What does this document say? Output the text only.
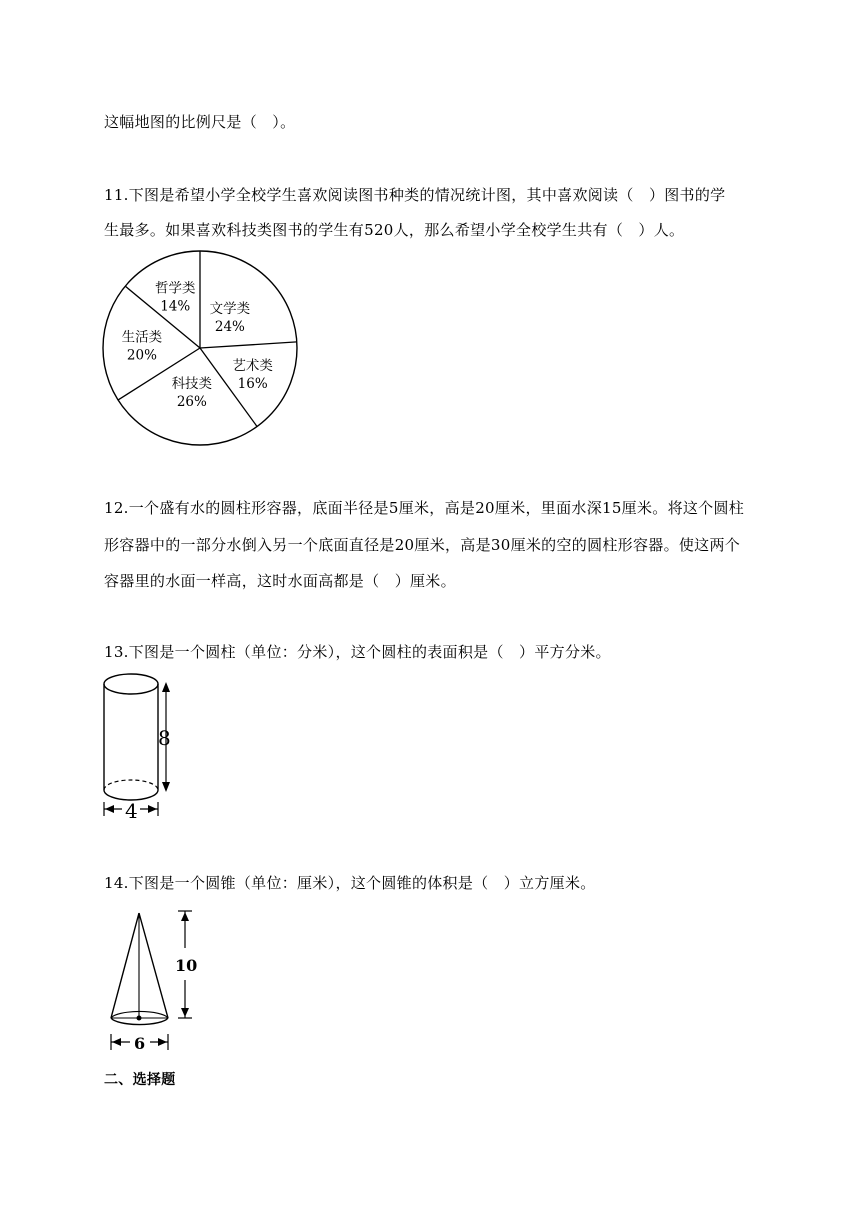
这幅地图的比例尺是（　）。
11.下图是希望小学全校学生喜欢阅读图书种类的情况统计图，其中喜欢阅读（　）图书的学
生最多。如果喜欢科技类图书的学生有520人，那么希望小学全校学生共有（　）人。
文学类
24%
艺术类
16%
科技类
26%
生活类
20%
哲学类
14%
12.一个盛有水的圆柱形容器，底面半径是5厘米，高是20厘米，里面水深15厘米。将这个圆柱
形容器中的一部分水倒入另一个底面直径是20厘米，高是30厘米的空的圆柱形容器。使这两个
容器里的水面一样高，这时水面高都是（　）厘米。
13.下图是一个圆柱（单位：分米），这个圆柱的表面积是（　）平方分米。
8
4
14.下图是一个圆锥（单位：厘米），这个圆锥的体积是（　）立方厘米。
10
6
二、选择题
